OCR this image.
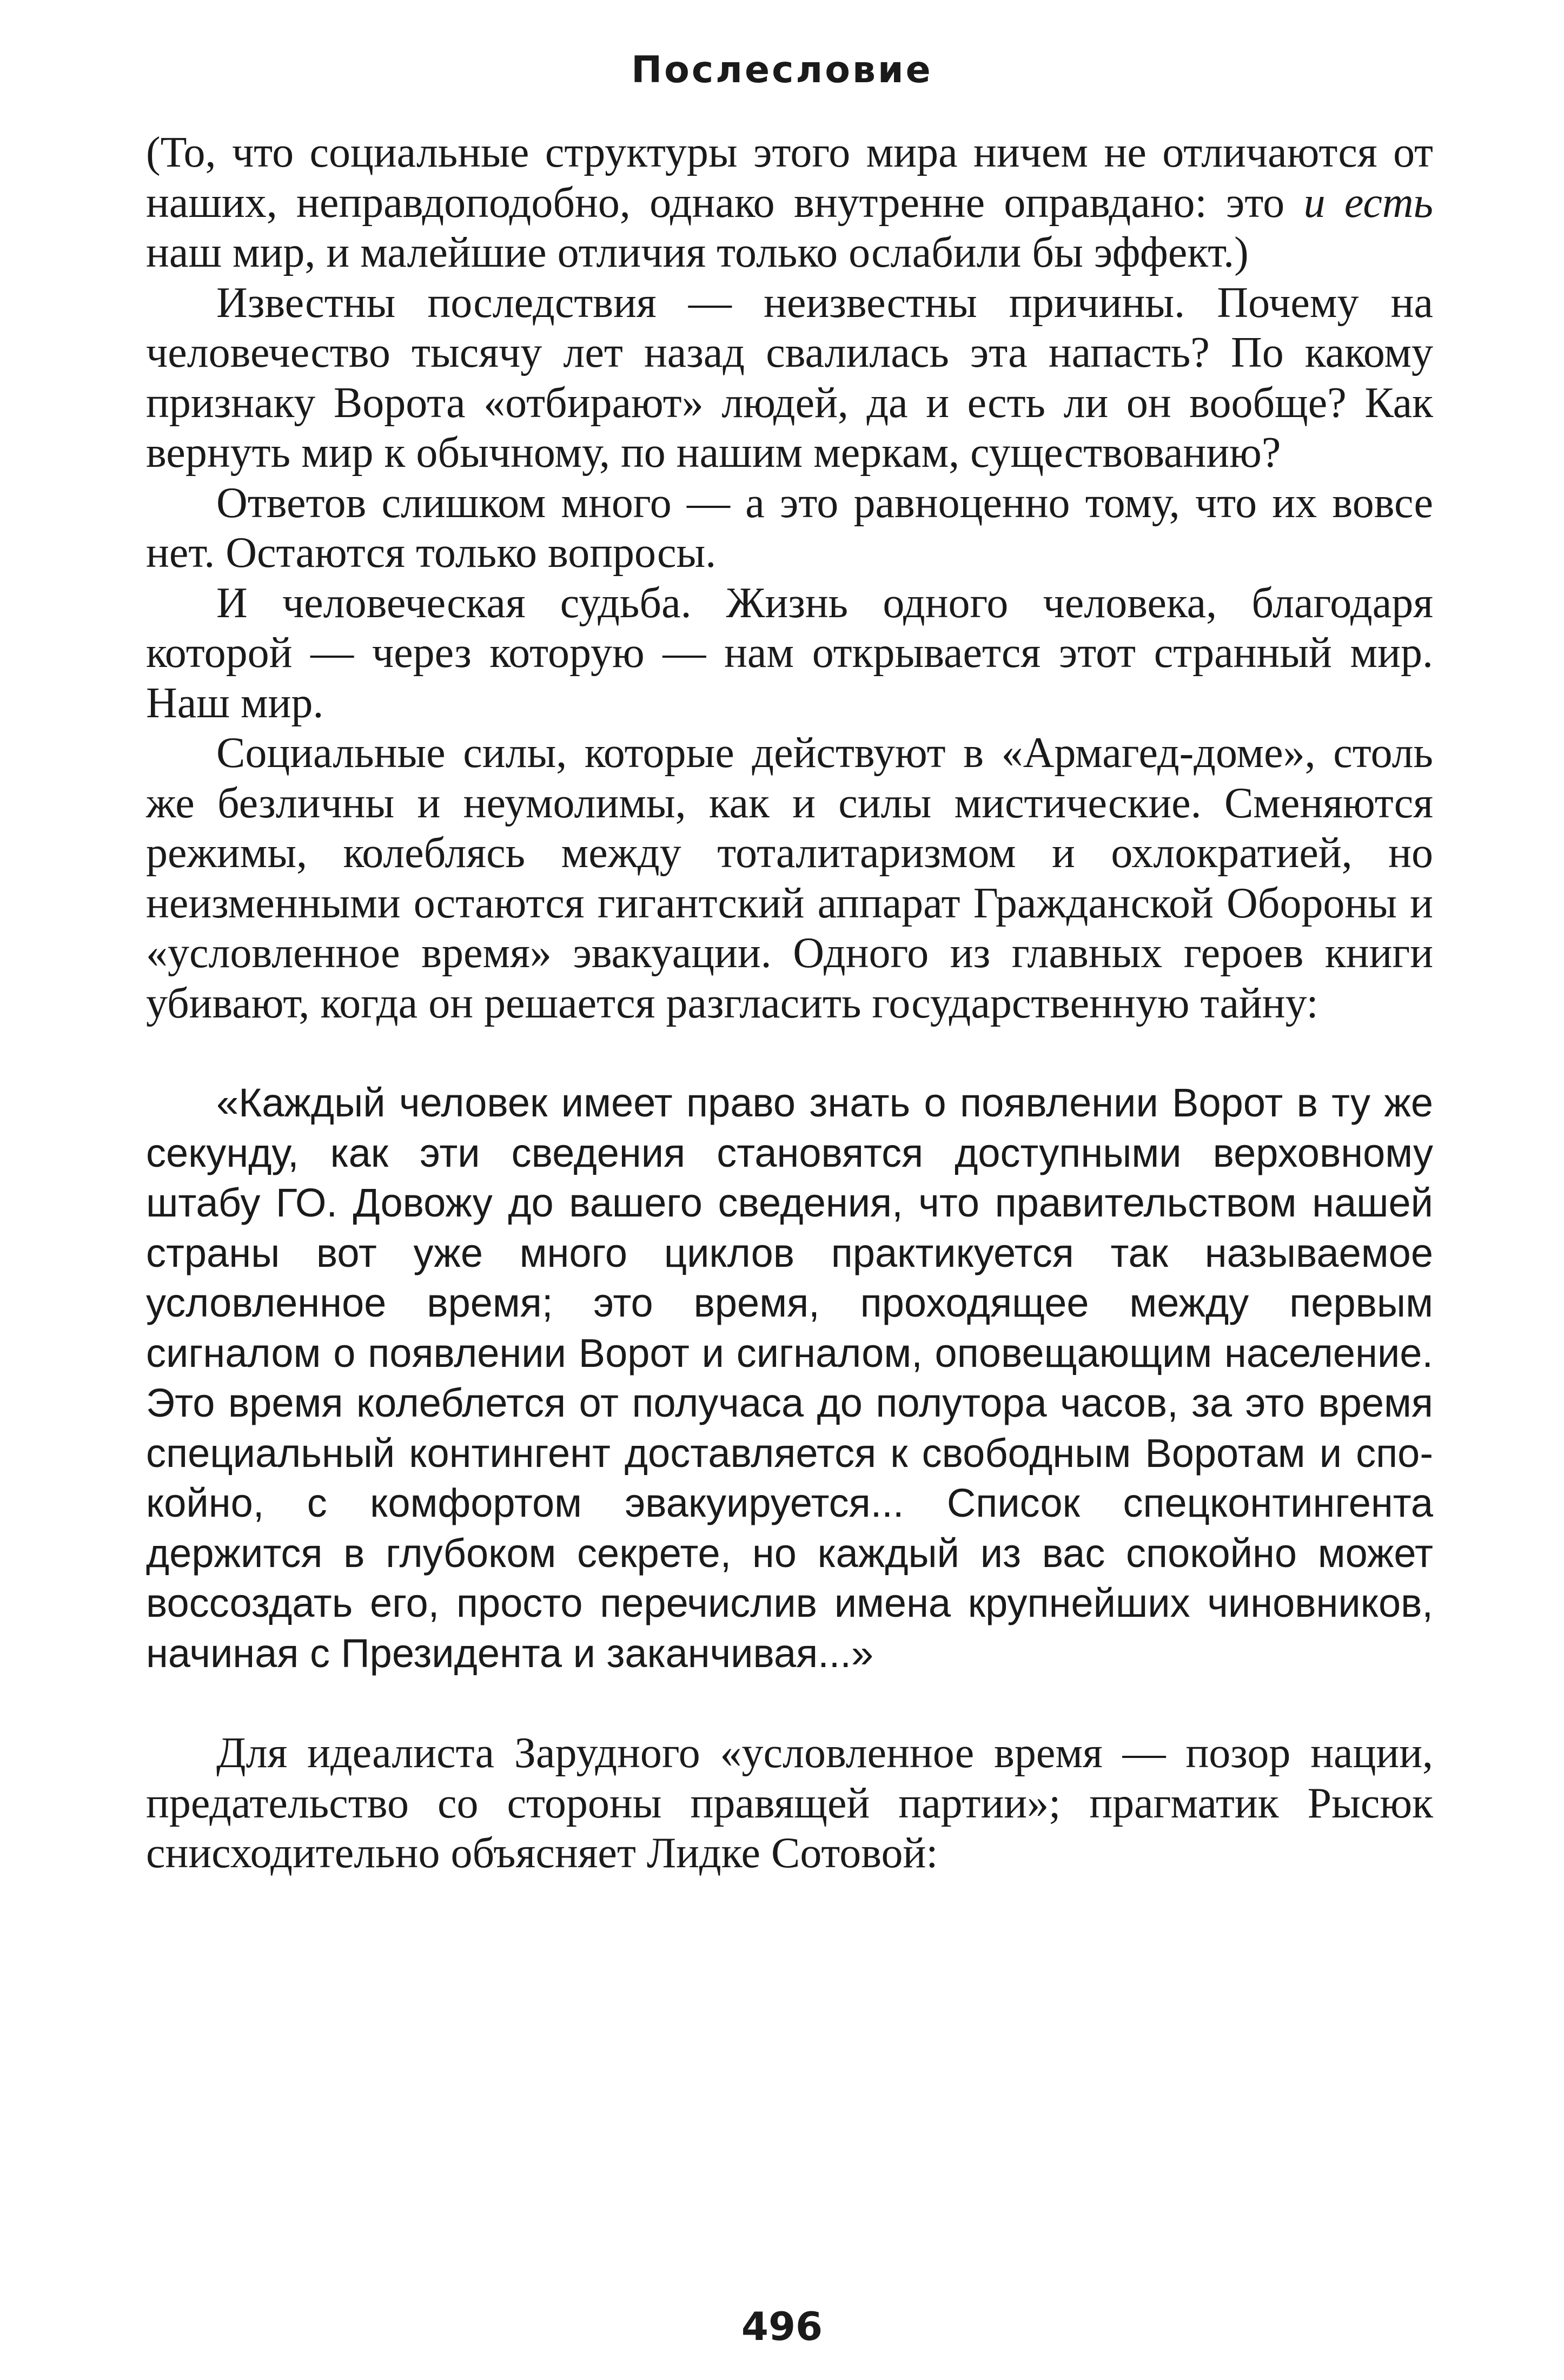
Послесловие

(То, что социальные структуры этого мира ничем не отличаются от наших, неправдоподобно, однако внутренне оправдано: это и есть наш мир, и малейшие отличия только ослабили бы эффект.)

Известны последствия — неизвестны причины. Почему на человечество тысячу лет назад свалилась эта напасть? По какому признаку Ворота «отбирают» людей, да и есть ли он вообще? Как вернуть мир к обычному, по нашим меркам, существованию?

Ответов слишком много — а это равноценно тому, что их вовсе нет. Остаются только вопросы.

И человеческая судьба. Жизнь одного человека, благодаря которой — через которую — нам открывается этот странный мир. Наш мир.

Социальные силы, которые действуют в «Армагед-доме», столь же безличны и неумолимы, как и силы мистические. Сменяются режимы, колеблясь между тоталитаризмом и охлократией, но неизменными остаются гигантский аппарат Гражданской Обороны и «условленное время» эвакуации. Одного из главных героев книги убивают, когда он решается разгласить государственную тайну:

«Каждый человек имеет право знать о появлении Ворот в ту же секунду, как эти сведения становятся доступными верховному штабу ГО. Довожу до вашего сведения, что правительством нашей страны вот уже много циклов практикуется так называемое условленное время; это время, проходящее между первым сигналом о появлении Ворот и сигналом, оповещающим население. Это время колеблется от получаса до полутора часов, за это время специальный контингент доставляется к свободным Воротам и спокойно, с комфортом эвакуируется... Список спецконтингента держится в глубоком секрете, но каждый из вас спокойно может воссоздать его, просто перечислив имена крупнейших чиновников, начиная с Президента и заканчивая...»

Для идеалиста Зарудного «условленное время — позор нации, предательство со стороны правящей партии»; прагматик Рысюк снисходительно объясняет Лидке Сотовой:

496
